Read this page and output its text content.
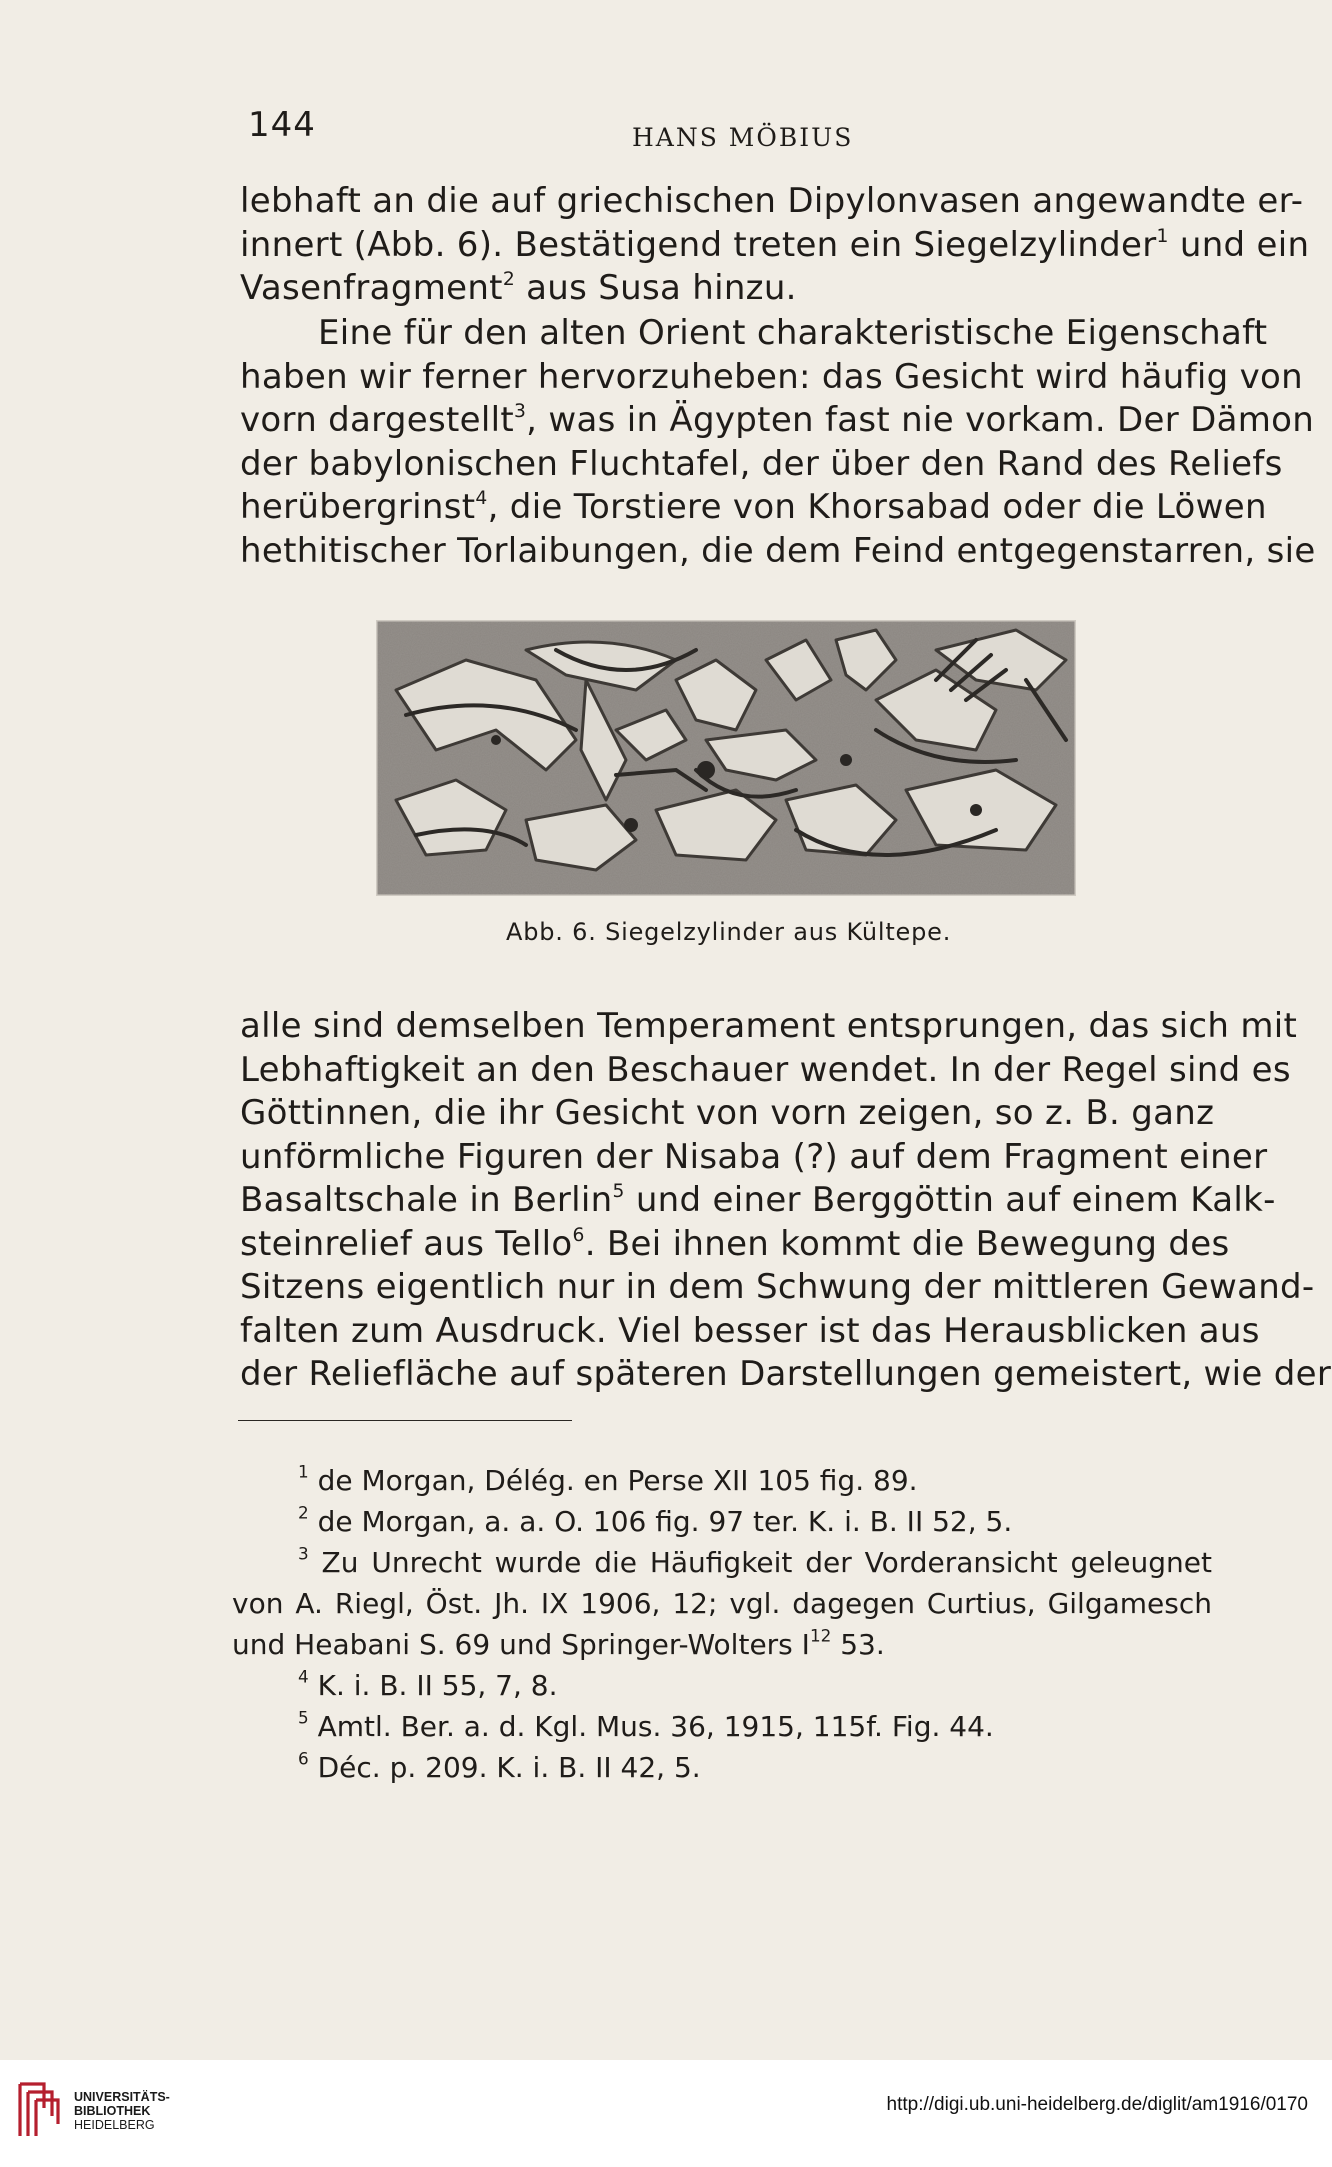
144	HANS MÖBIUS
lebhaft an die auf griechischen Dipylonvasen angewandte er-
innert (Abb. 6). Bestätigend treten ein Siegelzylinder$^1$ und ein
Vasenfragment$^2$ aus Susa hinzu.
Eine für den alten Orient charakteristische Eigenschaft
haben wir ferner hervorzuheben: das Gesicht wird häufig von
vorn dargestellt$^3$, was in Ägypten fast nie vorkam. Der Dämon
der babylonischen Fluchtafel, der über den Rand des Reliefs
herübergrinst$^4$, die Torstiere von Khorsabad oder die Löwen
hethitischer Torlaibungen, die dem Feind entgegenstarren, sie
Abb. 6. Siegelzylinder aus Kültepe.
alle sind demselben Temperament entsprungen, das sich mit
Lebhaftigkeit an den Beschauer wendet. In der Regel sind es
Göttinnen, die ihr Gesicht von vorn zeigen, so z. B. ganz
unförmliche Figuren der Nisaba (?) auf dem Fragment einer
Basaltschale in Berlin$^5$ und einer Berggöttin auf einem Kalk-
steinrelief aus Tello$^6$. Bei ihnen kommt die Bewegung des
Sitzens eigentlich nur in dem Schwung der mittleren Gewand-
falten zum Ausdruck. Viel besser ist das Herausblicken aus
der Reliefläche auf späteren Darstellungen gemeistert, wie der
$^1$ de Morgan, Délég. en Perse XII 105 fig. 89.
$^2$ de Morgan, a. a. O. 106 fig. 97 ter. K. i. B. II 52, 5.
$^3$ Zu Unrecht wurde die Häufigkeit der Vorderansicht geleugnet
von A. Riegl, Öst. Jh. IX 1906, 12; vgl. dagegen Curtius, Gilgamesch
und Heabani S. 69 und Springer-Wolters $I^{12}$ 53.
$^4$ K. i. B. II 55, 7, 8.
$^5$ Amtl. Ber. a. d. Kgl. Mus. 36, 1915, 115f. Fig. 44.
$^6$ Déc. p. 209. K. i. B. II 42, 5.
UNIVERSITÄTS-
BIBLIOTHEK
HEIDELBERG
http://digi.ub.uni-heidelberg.de/diglit/am1916/0170
